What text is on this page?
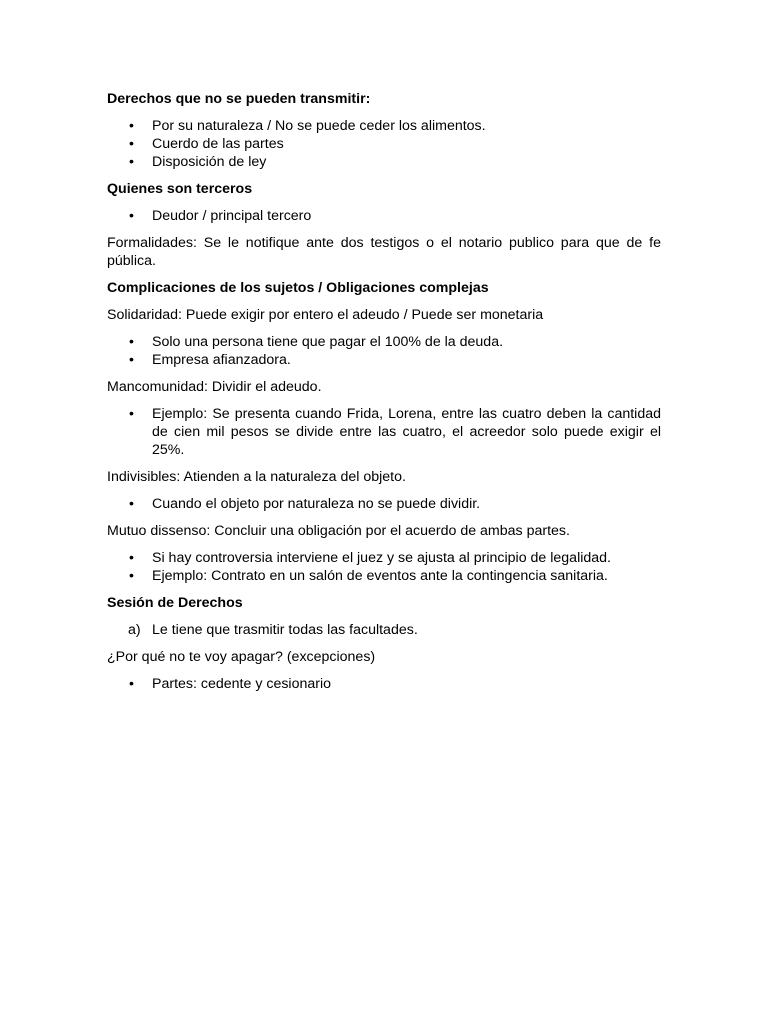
Derechos que no se pueden transmitir:
• Por su naturaleza / No se puede ceder los alimentos.
• Cuerdo de las partes
• Disposición de ley
Quienes son terceros
• Deudor / principal tercero
Formalidades: Se le notifique ante dos testigos o el notario publico para que de fe pública.
Complicaciones de los sujetos / Obligaciones complejas
Solidaridad: Puede exigir por entero el adeudo / Puede ser monetaria
• Solo una persona tiene que pagar el 100% de la deuda.
• Empresa afianzadora.
Mancomunidad: Dividir el adeudo.
• Ejemplo: Se presenta cuando Frida, Lorena, entre las cuatro deben la cantidad de cien mil pesos se divide entre las cuatro, el acreedor solo puede exigir el 25%.
Indivisibles: Atienden a la naturaleza del objeto.
• Cuando el objeto por naturaleza no se puede dividir.
Mutuo dissenso: Concluir una obligación por el acuerdo de ambas partes.
• Si hay controversia interviene el juez y se ajusta al principio de legalidad.
• Ejemplo: Contrato en un salón de eventos ante la contingencia sanitaria.
Sesión de Derechos
a) Le tiene que trasmitir todas las facultades.
¿Por qué no te voy apagar? (excepciones)
• Partes: cedente y cesionario
